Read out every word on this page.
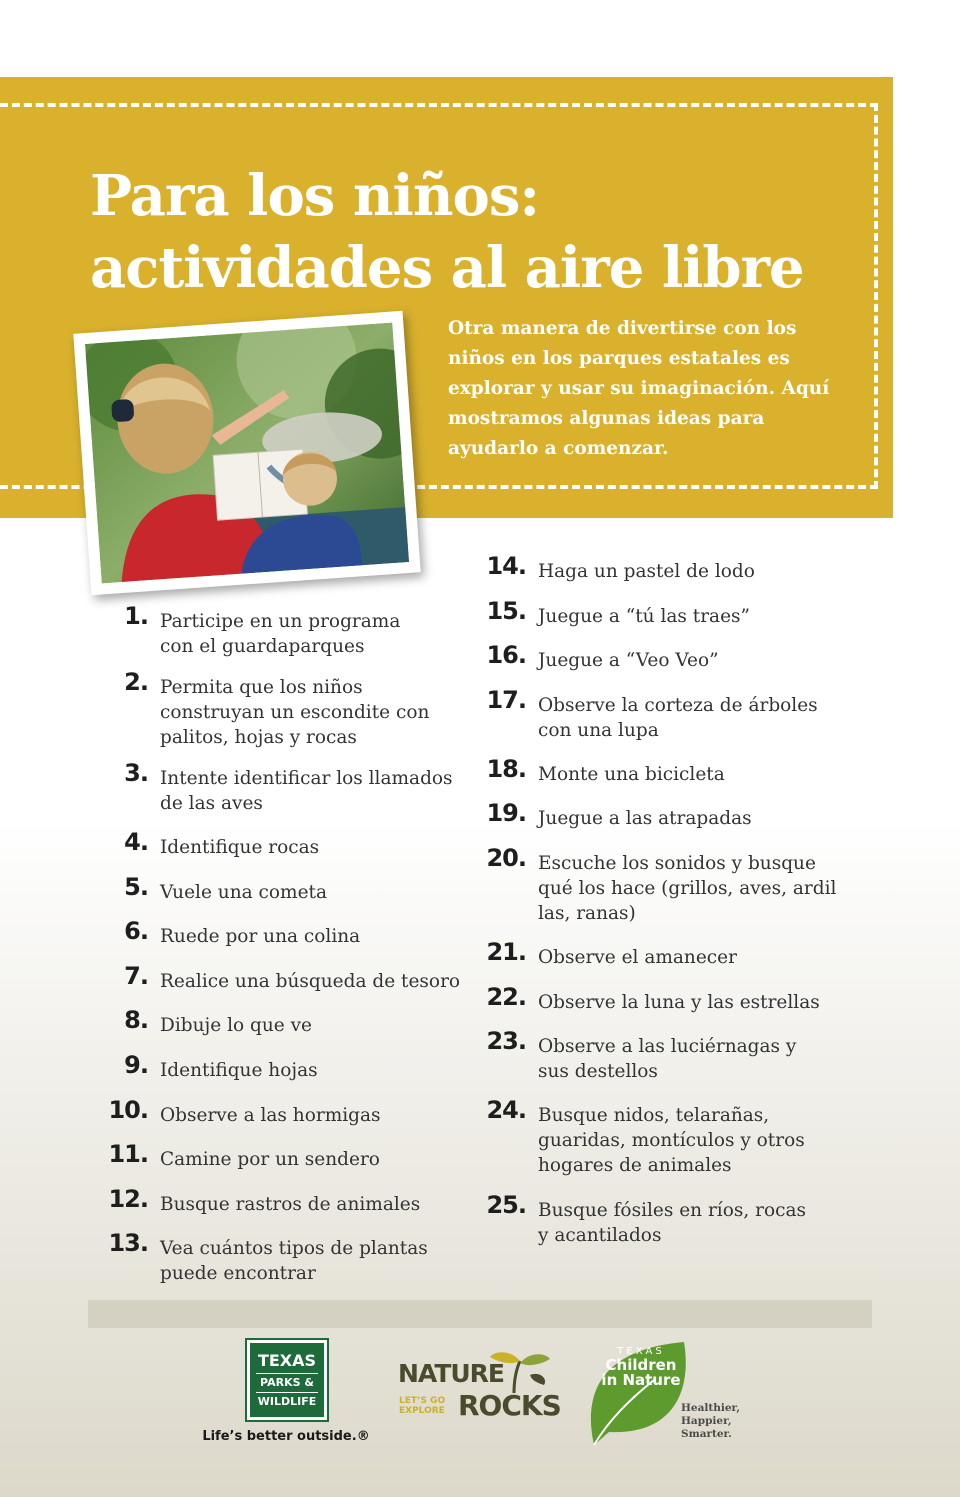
Para los niños:
actividades al aire libre

Otra manera de divertirse con los niños en los parques estatales es explorar y usar su imaginación. Aquí mostramos algunas ideas para ayudarlo a comenzar.

1. Participe en un programa
con el guardaparques
2. Permita que los niños
construyan un escondite con
palitos, hojas y rocas
3. Intente identificar los llamados
de las aves
4. Identifique rocas
5. Vuele una cometa
6. Ruede por una colina
7. Realice una búsqueda de tesoro
8. Dibuje lo que ve
9. Identifique hojas
10. Observe a las hormigas
11. Camine por un sendero
12. Busque rastros de animales
13. Vea cuántos tipos de plantas
puede encontrar
14. Haga un pastel de lodo
15. Juegue a “tú las traes”
16. Juegue a “Veo Veo”
17. Observe la corteza de árboles
con una lupa
18. Monte una bicicleta
19. Juegue a las atrapadas
20. Escuche los sonidos y busque
qué los hace (grillos, aves, ardil
las, ranas)
21. Observe el amanecer
22. Observe la luna y las estrellas
23. Observe a las luciérnagas y
sus destellos
24. Busque nidos, telarañas,
guaridas, montículos y otros
hogares de animales
25. Busque fósiles en ríos, rocas
y acantilados
TEXAS
PARKS &
WILDLIFE
Life’s better outside.®
NATURE
LET’S GO EXPLORE ROCKS
TEXAS
Children
in Nature
Healthier,
Happier,
Smarter.
